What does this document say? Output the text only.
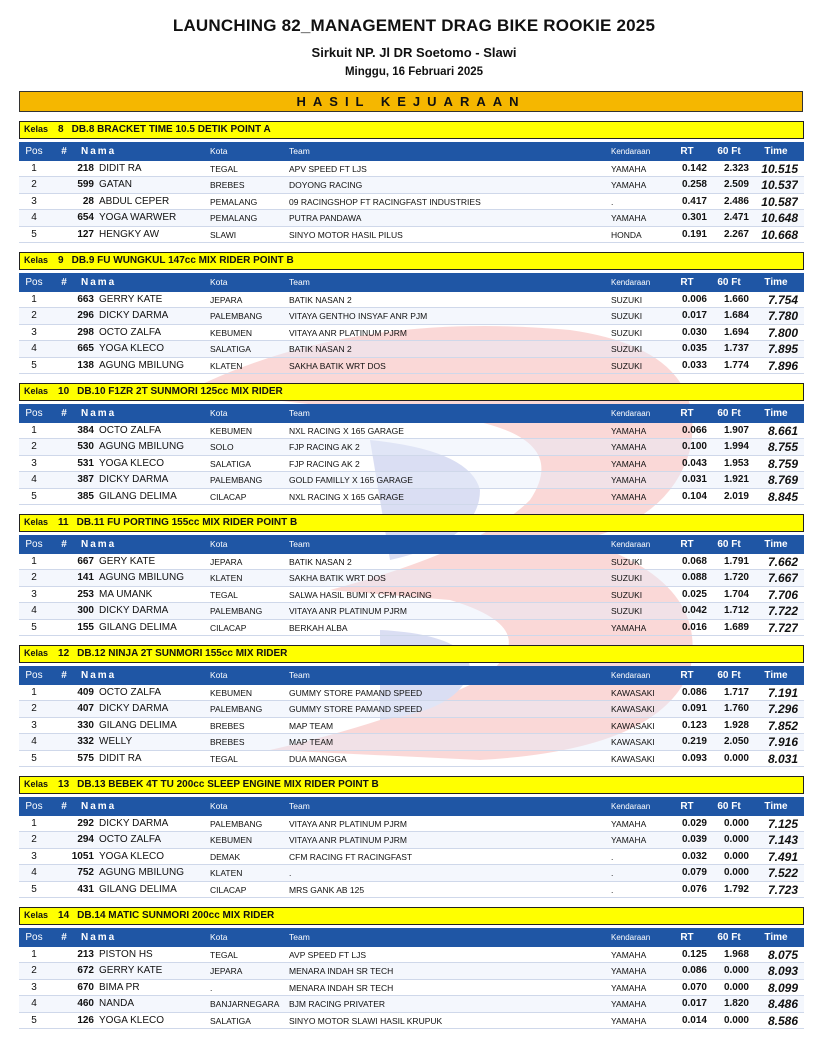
LAUNCHING 82_MANAGEMENT DRAG BIKE ROOKIE 2025
Sirkuit NP. Jl DR Soetomo - Slawi
Minggu, 16 Februari 2025
HASIL KEJUARAAN
Kelas 8 DB.8 BRACKET TIME 10.5 DETIK POINT A
Pos	#	Nama	Kota	Team	Kendaraan	RT	60 Ft	Time
1	218 DIDIT RA	TEGAL	APV SPEED FT LJS	YAMAHA	0.142	2.323	10.515
2	599 GATAN	BREBES	DOYONG RACING	YAMAHA	0.258	2.509	10.537
3	28 ABDUL CEPER	PEMALANG	09 RACINGSHOP FT RACINGFAST INDUSTRIES	.	0.417	2.486	10.587
4	654 YOGA WARWER	PEMALANG	PUTRA PANDAWA	YAMAHA	0.301	2.471	10.648
5	127 HENGKY AW	SLAWI	SINYO MOTOR HASIL PILUS	HONDA	0.191	2.267	10.668
Kelas 9 DB.9 FU WUNGKUL 147cc MIX RIDER POINT B
Pos	#	Nama	Kota	Team	Kendaraan	RT	60 Ft	Time
1	663 GERRY KATE	JEPARA	BATIK NASAN 2	SUZUKI	0.006	1.660	7.754
2	296 DICKY DARMA	PALEMBANG	VITAYA GENTHO INSYAF ANR PJM	SUZUKI	0.017	1.684	7.780
3	298 OCTO ZALFA	KEBUMEN	VITAYA ANR PLATINUM PJRM	SUZUKI	0.030	1.694	7.800
4	665 YOGA KLECO	SALATIGA	BATIK NASAN 2	SUZUKI	0.035	1.737	7.895
5	138 AGUNG MBILUNG	KLATEN	SAKHA BATIK WRT DOS	SUZUKI	0.033	1.774	7.896
Kelas 10 DB.10 F1ZR 2T SUNMORI 125cc MIX RIDER
Pos	#	Nama	Kota	Team	Kendaraan	RT	60 Ft	Time
1	384 OCTO ZALFA	KEBUMEN	NXL RACING X 165 GARAGE	YAMAHA	0.066	1.907	8.661
2	530 AGUNG MBILUNG	SOLO	FJP RACING AK 2	YAMAHA	0.100	1.994	8.755
3	531 YOGA KLECO	SALATIGA	FJP RACING AK 2	YAMAHA	0.043	1.953	8.759
4	387 DICKY DARMA	PALEMBANG	GOLD FAMILLY X 165 GARAGE	YAMAHA	0.031	1.921	8.769
5	385 GILANG DELIMA	CILACAP	NXL RACING X 165 GARAGE	YAMAHA	0.104	2.019	8.845
Kelas 11 DB.11 FU PORTING 155cc MIX RIDER POINT B
Pos	#	Nama	Kota	Team	Kendaraan	RT	60 Ft	Time
1	667 GERY KATE	JEPARA	BATIK NASAN 2	SUZUKI	0.068	1.791	7.662
2	141 AGUNG MBILUNG	KLATEN	SAKHA BATIK WRT DOS	SUZUKI	0.088	1.720	7.667
3	253 MA UMANK	TEGAL	SALWA HASIL BUMI X CFM RACING	SUZUKI	0.025	1.704	7.706
4	300 DICKY DARMA	PALEMBANG	VITAYA ANR PLATINUM PJRM	SUZUKI	0.042	1.712	7.722
5	155 GILANG DELIMA	CILACAP	BERKAH ALBA	YAMAHA	0.016	1.689	7.727
Kelas 12 DB.12 NINJA 2T SUNMORI 155cc MIX RIDER
Pos	#	Nama	Kota	Team	Kendaraan	RT	60 Ft	Time
1	409 OCTO ZALFA	KEBUMEN	GUMMY STORE PAMAND SPEED	KAWASAKI	0.086	1.717	7.191
2	407 DICKY DARMA	PALEMBANG	GUMMY STORE PAMAND SPEED	KAWASAKI	0.091	1.760	7.296
3	330 GILANG DELIMA	BREBES	MAP TEAM	KAWASAKI	0.123	1.928	7.852
4	332 WELLY	BREBES	MAP TEAM	KAWASAKI	0.219	2.050	7.916
5	575 DIDIT RA	TEGAL	DUA MANGGA	KAWASAKI	0.093	0.000	8.031
Kelas 13 DB.13 BEBEK 4T TU 200cc SLEEP ENGINE MIX RIDER POINT B
Pos	#	Nama	Kota	Team	Kendaraan	RT	60 Ft	Time
1	292 DICKY DARMA	PALEMBANG	VITAYA ANR PLATINUM PJRM	YAMAHA	0.029	0.000	7.125
2	294 OCTO ZALFA	KEBUMEN	VITAYA ANR PLATINUM PJRM	YAMAHA	0.039	0.000	7.143
3	1051 YOGA KLECO	DEMAK	CFM RACING FT RACINGFAST	.	0.032	0.000	7.491
4	752 AGUNG MBILUNG	KLATEN	.	.	0.079	0.000	7.522
5	431 GILANG DELIMA	CILACAP	MRS GANK AB 125	.	0.076	1.792	7.723
Kelas 14 DB.14 MATIC SUNMORI 200cc MIX RIDER
Pos	#	Nama	Kota	Team	Kendaraan	RT	60 Ft	Time
1	213 PISTON HS	TEGAL	AVP SPEED FT LJS	YAMAHA	0.125	1.968	8.075
2	672 GERRY KATE	JEPARA	MENARA INDAH SR TECH	YAMAHA	0.086	0.000	8.093
3	670 BIMA PR	.	MENARA INDAH SR TECH	YAMAHA	0.070	0.000	8.099
4	460 NANDA	BANJARNEGARA	BJM RACING PRIVATER	YAMAHA	0.017	1.820	8.486
5	126 YOGA KLECO	SALATIGA	SINYO MOTOR SLAWI HASIL KRUPUK	YAMAHA	0.014	0.000	8.586
